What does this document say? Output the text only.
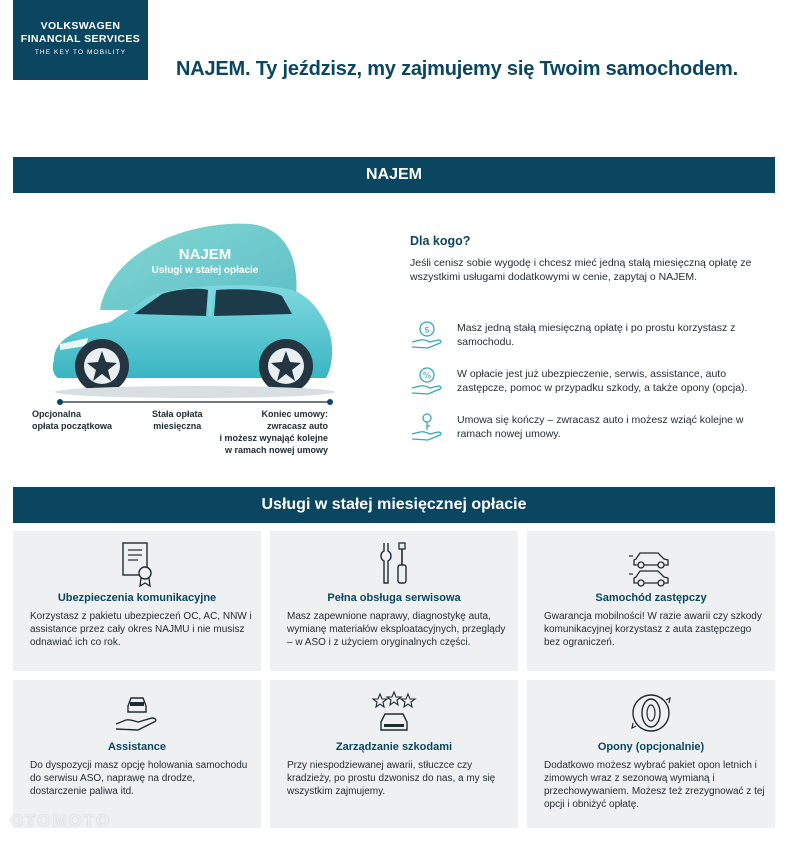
VOLKSWAGEN
FINANCIAL SERVICES
THE KEY TO MOBILITY
NAJEM. Ty jeździsz, my zajmujemy się Twoim samochodem.
NAJEM
NAJEM
Usługi w stałej opłacie
Opcjonalna
opłata początkowa
Stała opłata
miesięczna
Koniec umowy:
zwracasz auto
i możesz wynająć kolejne
w ramach nowej umowy
Dla kogo?

Jeśli cenisz sobie wygodę i chcesz mieć jedną stałą miesięczną opłatę ze wszystkimi usługami dodatkowymi w cenie, zapytaj o NAJEM.

$	Masz jedną stałą miesięczną opłatę i po prostu korzystasz z samochodu.
% W opłacie jest już ubezpieczenie, serwis, assistance, auto zastępcze, pomoc w przypadku szkody, a także opony (opcja).
Umowa się kończy – zwracasz auto i możesz wziąć kolejne w ramach nowej umowy.
Usługi w stałej miesięcznej opłacie
Ubezpieczenia komunikacyjne

Korzystasz z pakietu ubezpieczeń OC, AC, NNW i assistance przez cały okres NAJMU i nie musisz odnawiać ich co rok.

Pełna obsługa serwisowa

Masz zapewnione naprawy, diagnostykę auta, wymianę materiałów eksploatacyjnych, przeglądy – w ASO i z użyciem oryginalnych części.

Samochód zastępczy

Gwarancja mobilności! W razie awarii czy szkody komunikacyjnej korzystasz z auta zastępczego bez ograniczeń.

Assistance

Do dyspozycji masz opcję holowania samochodu do serwisu ASO, naprawę na drodze, dostarczenie paliwa itd.

Zarządzanie szkodami

Przy niespodziewanej awarii, stłuczce czy kradzieży, po prostu dzwonisz do nas, a my się wszystkim zajmujemy.

Opony (opcjonalnie)

Dodatkowo możesz wybrać pakiet opon letnich i zimowych wraz z sezonową wymianą i przechowywaniem. Możesz też zrezygnować z tej opcji i obniżyć opłatę.

OTOMOTO
